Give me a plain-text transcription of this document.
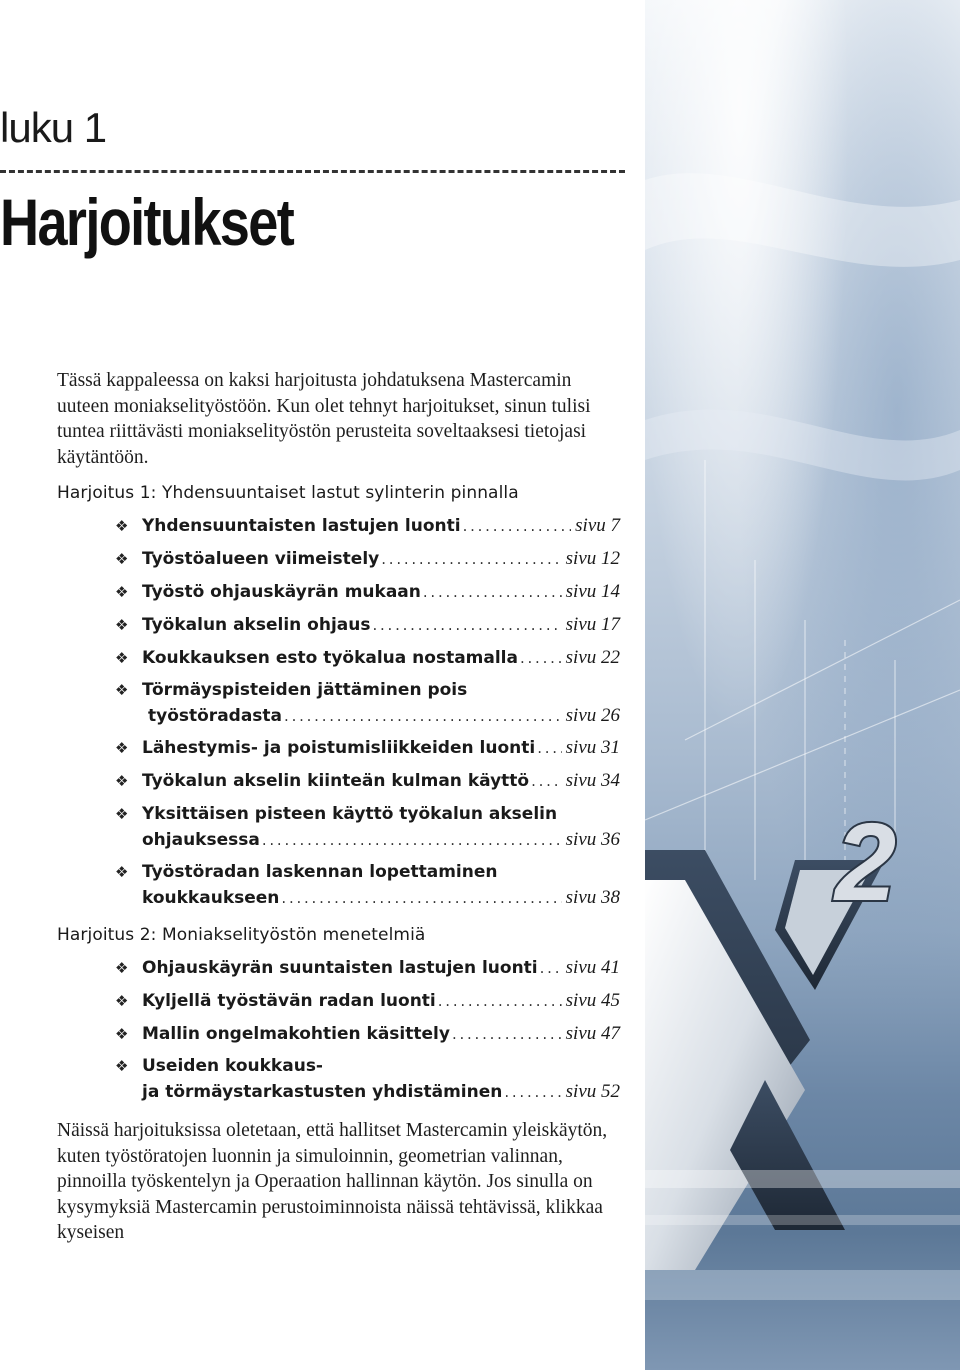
2
luku 1
Harjoitukset

Tässä kappaleessa on kaksi harjoitusta johdatuksena Mastercamin uuteen moniakselityöstöön. Kun olet tehnyt harjoitukset, sinun tulisi tuntea riittävästi moniakselityöstön perusteita soveltaaksesi tietojasi käytäntöön.

Harjoitus 1: Yhdensuuntaiset lastut sylinterin pinnalla
❖ Yhdensuuntaisten lastujen luonti . . .	sivu 7
❖ Työstöalueen viimeistely . . .	sivu 12
❖ Työstö ohjauskäyrän mukaan . . .	sivu 14
❖ Työkalun akselin ohjaus . . .	sivu 17
❖ Koukkauksen esto työkalua nostamalla . . .	sivu 22
❖ Törmäyspisteiden jättäminen pois
työstöradasta . . .	sivu 26
❖ Lähestymis- ja poistumisliikkeiden luonti . . . sivu 31
❖ Työkalun akselin kiinteän kulman käyttö . . . sivu 34
❖ Yksittäisen pisteen käyttö työkalun akselin
ohjauksessa . . .	sivu 36
❖ Työstöradan laskennan lopettaminen
koukkaukseen . . .	sivu 38
Harjoitus 2: Moniakselityöstön menetelmiä
❖ Ohjauskäyrän suuntaisten lastujen luonti . . . sivu 41
❖ Kyljellä työstävän radan luonti . . .	sivu 45
❖ Mallin ongelmakohtien käsittely . . .	sivu 47
❖ Useiden koukkaus-
ja törmäystarkastusten yhdistäminen . . .	sivu 52

Näissä harjoituksissa oletetaan, että hallitset Mastercamin yleiskäytön, kuten työstöratojen luonnin ja simuloinnin, geometrian valinnan, pinnoilla työskentelyn ja Operaation hallinnan käytön. Jos sinulla on kysymyksiä Mastercamin perustoiminnoista näissä tehtävissä, klikkaa kyseisen
